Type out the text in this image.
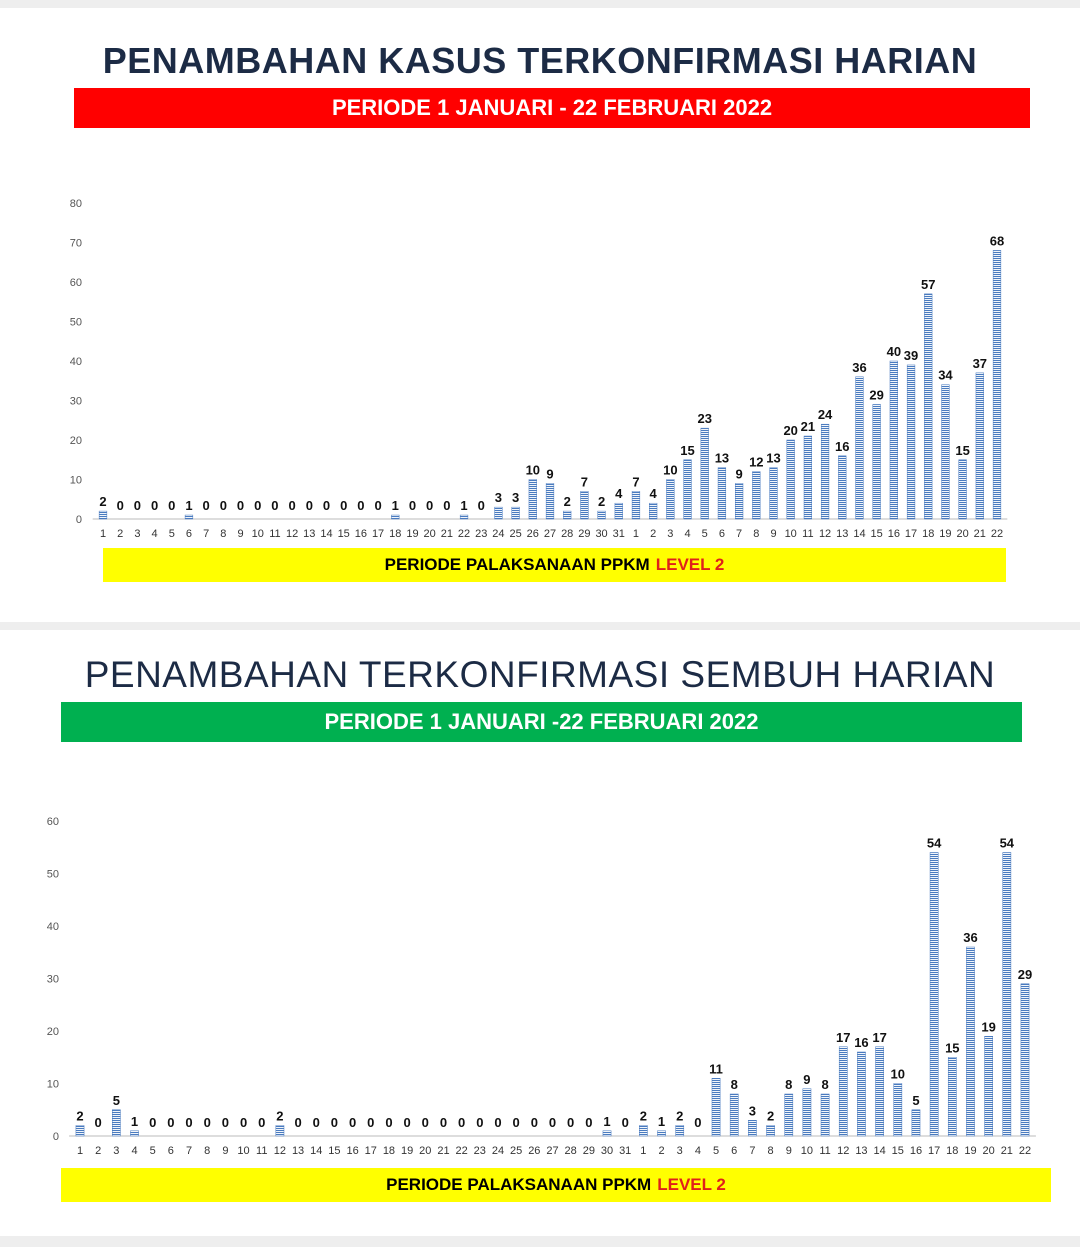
PENAMBAHAN KASUS TERKONFIRMASI HARIAN
PERIODE 1 JANUARI - 22 FEBRUARI 2022
0
10
20
30
40
50
60
70
80
2
1
0
2
0
3
0
4
0
5
1
6
0
7
0
8
0
9
0
10
0
11
0
12
0
13
0
14
0
15
0
16
0
17
1
18
0
19
0
20
0
21
1
22
0
23
3
24
3
25
10
26
9
27
2
28
7
29
2
30
4
31
7
1
4
2
10
3
15
4
23
5
13
6
9
7
12
8
13
9
20
10
21
11
24
12
16
13
36
14
29
15
40
16
39
17
57
18
34
19
15
20
37
21
68
22
PERIODE PALAKSANAAN PPKM LEVEL 2
PENAMBAHAN TERKONFIRMASI SEMBUH HARIAN
PERIODE 1 JANUARI -22 FEBRUARI 2022
0
10
20
30
40
50
60
2
1
0
2
5
3
1
4
0
5
0
6
0
7
0
8
0
9
0
10
0
11
2
12
0
13
0
14
0
15
0
16
0
17
0
18
0
19
0
20
0
21
0
22
0
23
0
24
0
25
0
26
0
27
0
28
0
29
1
30
0
31
2
1
1
2
2
3
0
4
11
5
8
6
3
7
2
8
8
9
9
10
8
11
17
12
16
13
17
14
10
15
5
16
54
17
15
18
36
19
19
20
54
21
29
22
PERIODE PALAKSANAAN PPKM LEVEL 2
